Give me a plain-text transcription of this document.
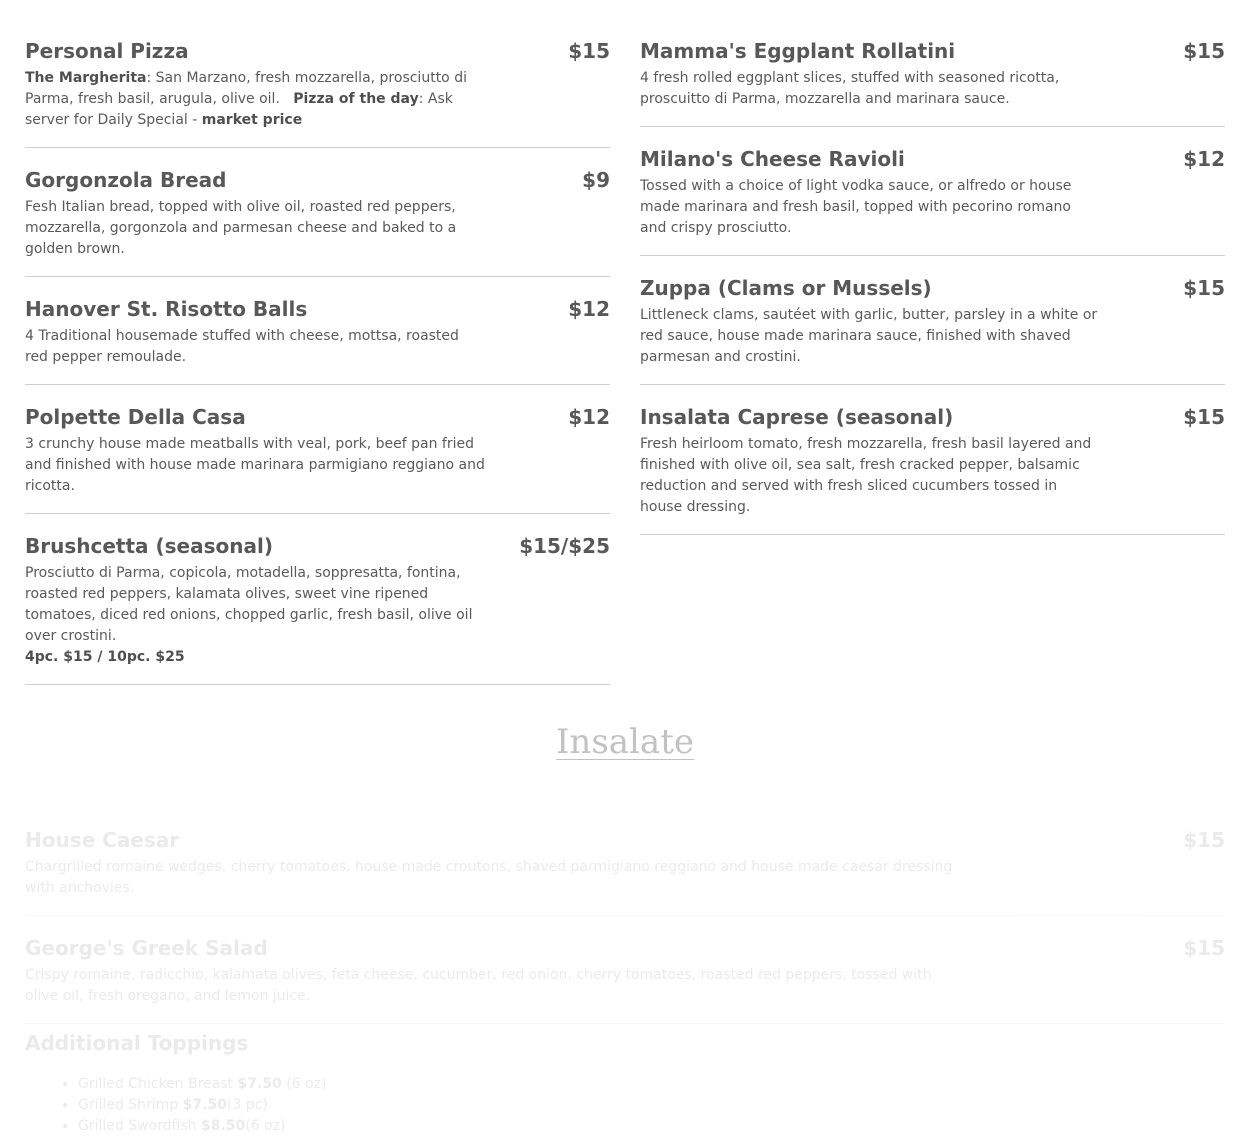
Personal Pizza	$15
The Margherita: San Marzano, fresh mozzarella, prosciutto di Parma, fresh basil, arugula, olive oil.   Pizza of the day: Ask server for Daily Special - market price
Gorgonzola Bread	$9
Fesh Italian bread, topped with olive oil, roasted red peppers, mozzarella, gorgonzola and parmesan cheese and baked to a golden brown.
Hanover St. Risotto Balls	$12
4 Traditional housemade stuffed with cheese, mottsa, roasted red pepper remoulade.
Polpette Della Casa	$12
3 crunchy house made meatballs with veal, pork, beef pan fried and finished with house made marinara parmigiano reggiano and ricotta.
Brushcetta (seasonal)	$15/$25
Prosciutto di Parma, copicola, motadella, soppresatta, fontina, roasted red peppers, kalamata olives, sweet vine ripened tomatoes, diced red onions, chopped garlic, fresh basil, olive oil over crostini.
4pc. $15 / 10pc. $25
Mamma's Eggplant Rollatini	$15
4 fresh rolled eggplant slices, stuffed with seasoned ricotta, proscuitto di Parma, mozzarella and marinara sauce.
Milano's Cheese Ravioli	$12
Tossed with a choice of light vodka sauce, or alfredo or house made marinara and fresh basil, topped with pecorino romano and crispy prosciutto.
Zuppa (Clams or Mussels)	$15
Littleneck clams, sautéet with garlic, butter, parsley in a white or red sauce, house made marinara sauce, finished with shaved parmesan and crostini.
Insalata Caprese (seasonal)	$15
Fresh heirloom tomato, fresh mozzarella, fresh basil layered and finished with olive oil, sea salt, fresh cracked pepper, balsamic reduction and served with fresh sliced cucumbers tossed in house dressing.
Insalate
House Caesar	$15
Chargrilled romaine wedges, cherry tomatoes, house made croutons, shaved parmigiano reggiano and house made caesar dressing with anchovies.
George's Greek Salad	$15
Crispy romaine, radicchio, kalamata olives, feta cheese, cucumber, red onion, cherry tomatoes, roasted red peppers, tossed with olive oil, fresh oregano, and lemon juice.
Additional Toppings
• Grilled Chicken Breast $7.50 (6 oz)
• Grilled Shrimp $7.50(3 pc)
• Grilled Swordfish $8.50(6 oz)
